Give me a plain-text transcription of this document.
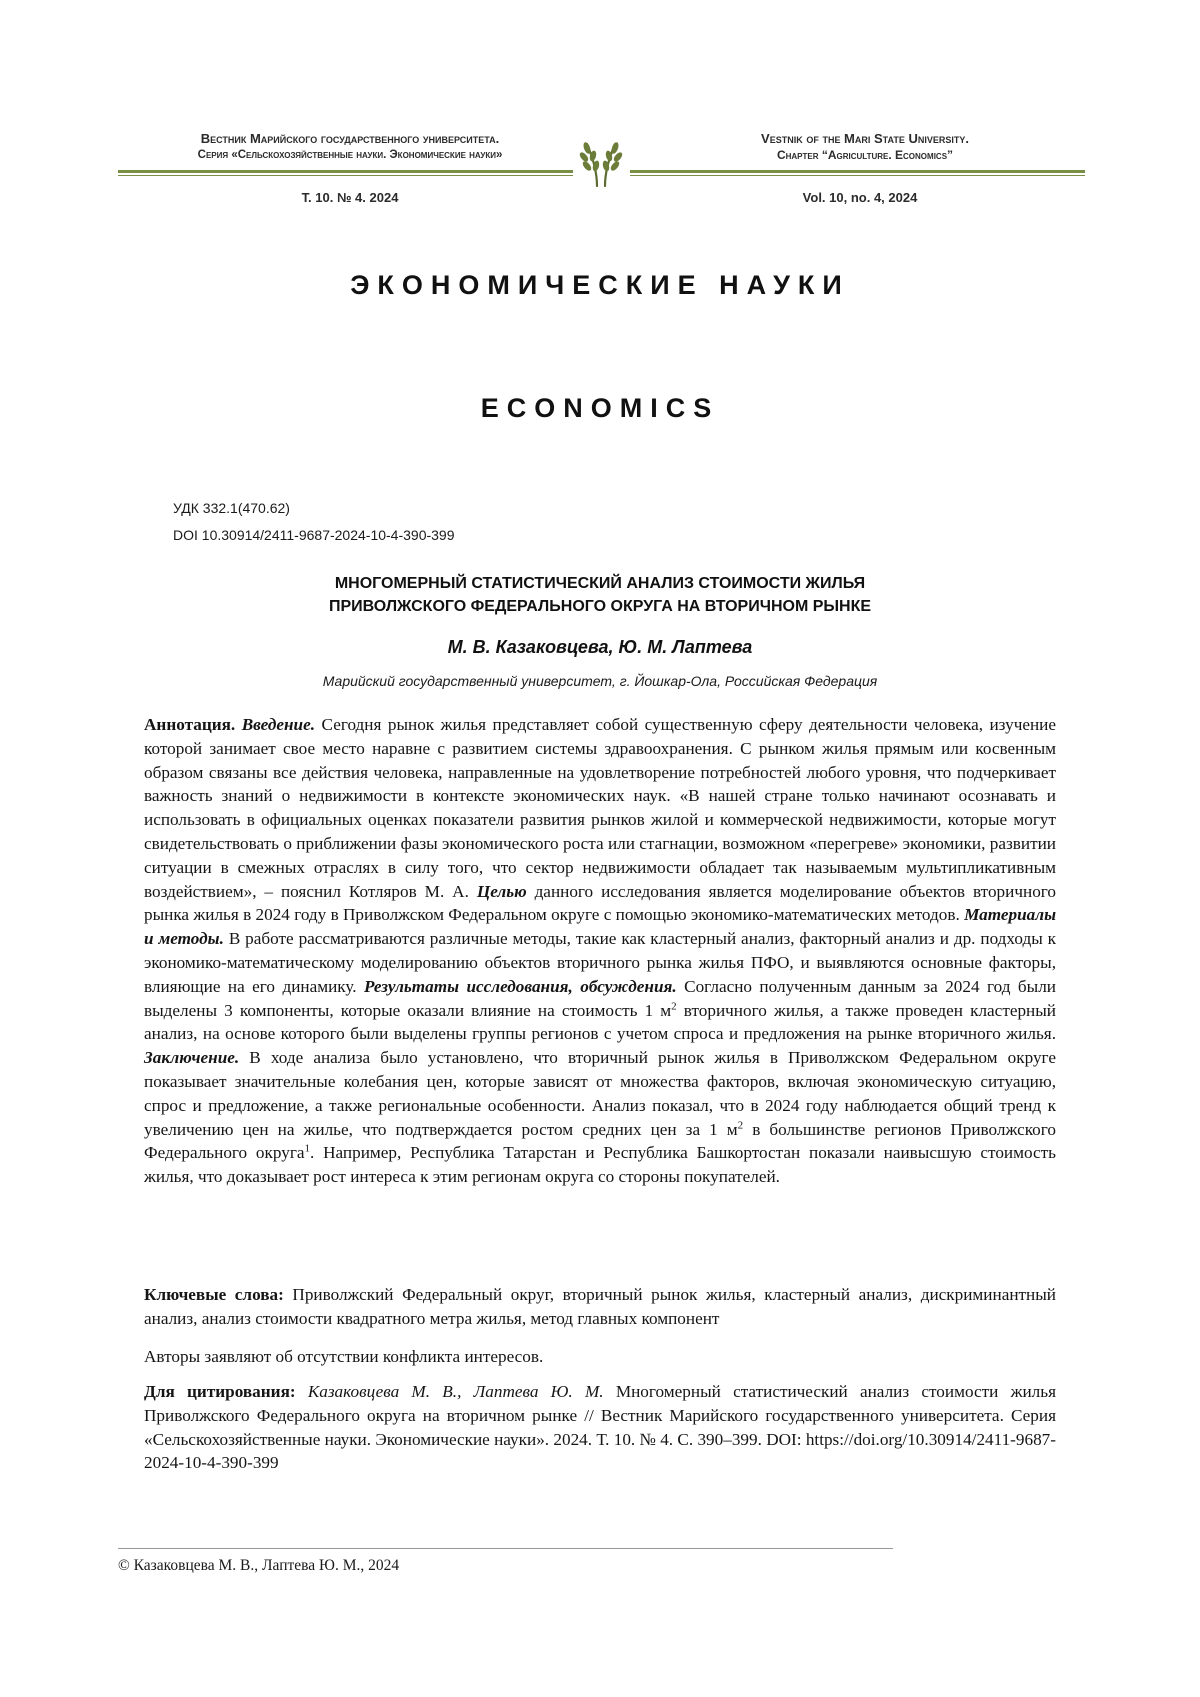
Вестник Марийского государственного университета.
Серия «Сельскохозяйственные науки. Экономические науки»
Vestnik of the Mari State University.
Chapter “Agriculture. Economics”
Т. 10. № 4. 2024	Vol. 10, no. 4, 2024
ЭКОНОМИЧЕСКИЕ НАУКИ
ECONOMICS
УДК 332.1(470.62)
DOI 10.30914/2411-9687-2024-10-4-390-399
МНОГОМЕРНЫЙ СТАТИСТИЧЕСКИЙ АНАЛИЗ СТОИМОСТИ ЖИЛЬЯ
ПРИВОЛЖСКОГО ФЕДЕРАЛЬНОГО ОКРУГА НА ВТОРИЧНОМ РЫНКЕ
М. В. Казаковцева, Ю. М. Лаптева
Марийский государственный университет, г. Йошкар-Ола, Российская Федерация
Аннотация. Введение. Сегодня рынок жилья представляет собой существенную сферу деятельности человека, изучение которой занимает свое место наравне с развитием системы здравоохранения. С рынком жилья прямым или косвенным образом связаны все действия человека, направленные на удовлетворение потребностей любого уровня, что подчеркивает важность знаний о недвижимости в контексте экономических наук. «В нашей стране только начинают осознавать и использовать в официальных оценках показатели развития рынков жилой и коммерческой недвижимости, которые могут свидетельствовать о приближении фазы экономического роста или стагнации, возможном «перегреве» экономики, развитии ситуации в смежных отраслях в силу того, что сектор недвижимости обладает так называемым мультипликативным воздействием», – пояснил Котляров М. А. Целью данного исследования является моделирование объектов вторичного рынка жилья в 2024 году в Приволжском Федеральном округе с помощью экономико-математических методов. Материалы и методы. В работе рассматриваются различные методы, такие как кластерный анализ, факторный анализ и др. подходы к экономико-математическому моделированию объектов вторичного рынка жилья ПФО, и выявляются основные факторы, влияющие на его динамику. Результаты исследования, обсуждения. Согласно полученным данным за 2024 год были выделены 3 компоненты, которые оказали влияние на стоимость 1 $м^2$ вторичного жилья, а также проведен кластерный анализ, на основе которого были выделены группы регионов с учетом спроса и предложения на рынке вторичного жилья. Заключение. В ходе анализа было установлено, что вторичный рынок жилья в Приволжском Федеральном округе показывает значительные колебания цен, которые зависят от множества факторов, включая экономическую ситуацию, спрос и предложение, а также региональные особенности. Анализ показал, что в 2024 году наблюдается общий тренд к увеличению цен на жилье, что подтверждается ростом средних цен за 1 $м^2$ в большинстве регионов Приволжского Федерального округа$^1$. Например, Республика Татарстан и Республика Башкортостан показали наивысшую стоимость жилья, что доказывает рост интереса к этим регионам округа со стороны покупателей.
Ключевые слова: Приволжский Федеральный округ, вторичный рынок жилья, кластерный анализ, дискриминантный анализ, анализ стоимости квадратного метра жилья, метод главных компонент
Авторы заявляют об отсутствии конфликта интересов.
Для цитирования: Казаковцева М. В., Лаптева Ю. М. Многомерный статистический анализ стоимости жилья Приволжского Федерального округа на вторичном рынке // Вестник Марийского государственного университета. Серия «Сельскохозяйственные науки. Экономические науки». 2024. Т. 10. № 4. С. 390–399. DOI: https://doi.org/10.30914/2411-9687-2024-10-4-390-399
© Казаковцева М. В., Лаптева Ю. М., 2024
